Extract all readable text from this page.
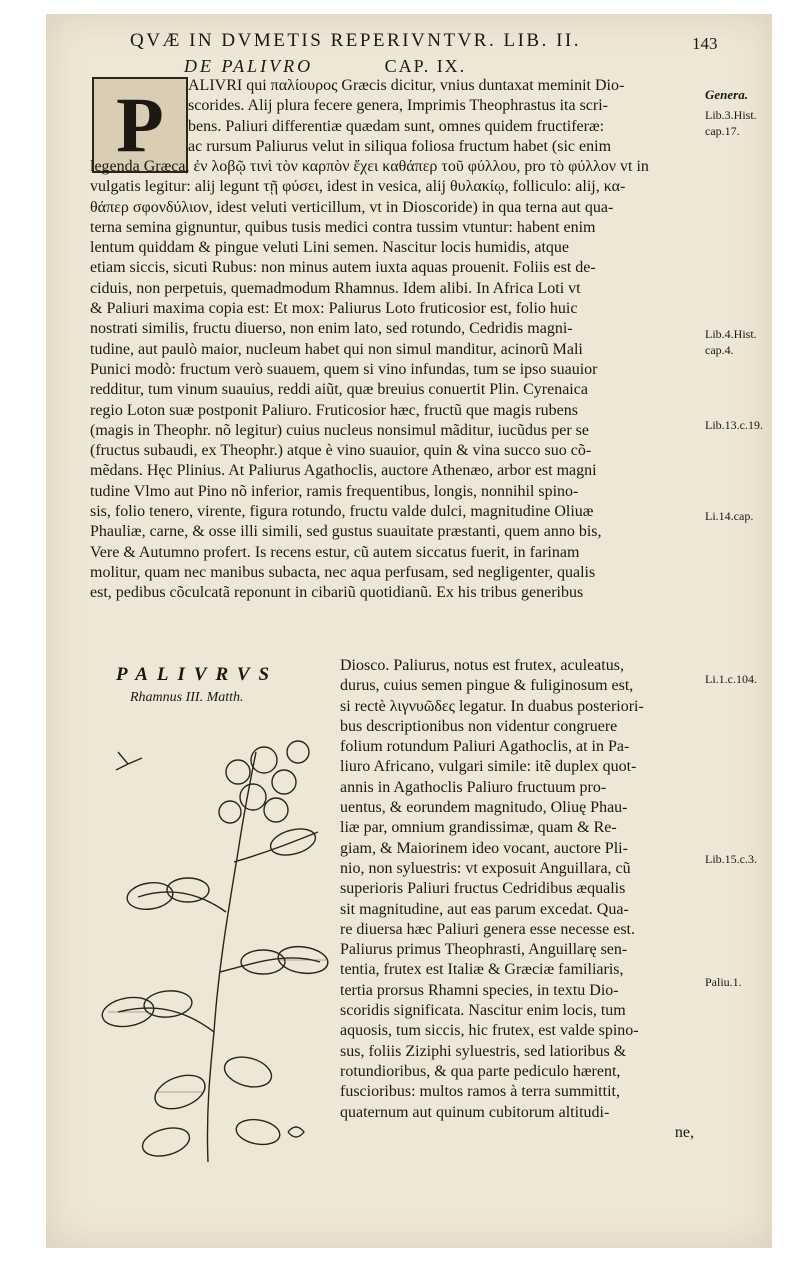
QVÆ IN DVMETIS REPERIVNTVR. LIB. II.	143
DE PALIVRO	CAP. IX.
P ALIVRI qui παλίουρος Græcis dicitur, vnius duntaxat meminit Dio-
scorides. Alij plura fecere genera, Imprimis Theophrastus ita scri-
bens. Paliuri differentiæ quædam sunt, omnes quidem fructiferæ:
ac rursum Paliurus velut in siliqua foliosa fructum habet (sic enim
legenda Græca, ἐν λοβῷ τινὶ τὸν καρπὸν ἔχει καθάπερ τοῦ φύλλου, pro τὸ φύλλον vt in
vulgatis legitur: alij legunt τῇ φύσει, idest in vesica, alij θυλακίῳ, folliculo: alij, κα-
θάπερ σφονδύλιον, idest veluti verticillum, vt in Dioscoride) in qua terna aut qua-
terna semina gignuntur, quibus tusis medici contra tussim vtuntur: habent enim
lentum quiddam & pingue veluti Lini semen. Nascitur locis humidis, atque
etiam siccis, sicuti Rubus: non minus autem iuxta aquas prouenit. Foliis est de-
ciduis, non perpetuis, quemadmodum Rhamnus. Idem alibi. In Africa Loti vt
& Paliuri maxima copia est: Et mox: Paliurus Loto fruticosior est, folio huic
nostrati similis, fructu diuerso, non enim lato, sed rotundo, Cedridis magni-
tudine, aut paulò maior, nucleum habet qui non simul manditur, acinorũ Mali
Punici modò: fructum verò suauem, quem si vino infundas, tum se ipso suauior
redditur, tum vinum suauius, reddi aiũt, quæ breuius conuertit Plin. Cyrenaica
regio Loton suæ postponit Paliuro. Fruticosior hæc, fructũ que magis rubens
(magis in Theophr. nõ legitur) cuius nucleus nonsimul mãditur, iucũdus per se
(fructus subaudi, ex Theophr.) atque è vino suauior, quin & vina succo suo cõ-
mẽdans. Hęc Plinius. At Paliurus Agathoclis, auctore Athenæo, arbor est magni
tudine Vlmo aut Pino nõ inferior, ramis frequentibus, longis, nonnihil spino-
sis, folio tenero, virente, figura rotundo, fructu valde dulci, magnitudine Oliuæ
Phauliæ, carne, & osse illi simili, sed gustus suauitate præstanti, quem anno bis,
Vere & Autumno profert. Is recens estur, cũ autem siccatus fuerit, in farinam
molitur, quam nec manibus subacta, nec aqua perfusam, sed negligenter, qualis
est, pedibus cõculcatã reponunt in cibariũ quotidianũ. Ex his tribus generibus
PALIVRVS
Rhamnus III. Matth.
Diosco. Paliurus, notus est frutex, aculeatus,
durus, cuius semen pingue & fuliginosum est,
si rectè λιγνυῶδες legatur. In duabus posteriori-
bus descriptionibus non videntur congruere
folium rotundum Paliuri Agathoclis, at in Pa-
liuro Africano, vulgari simile: itẽ duplex quot-
annis in Agathoclis Paliuro fructuum pro-
uentus, & eorundem magnitudo, Oliuę Phau-
liæ par, omnium grandissimæ, quam & Re-
giam, & Maiorinem ideo vocant, auctore Pli-
nio, non syluestris: vt exposuit Anguillara, cũ
superioris Paliuri fructus Cedridibus æqualis
sit magnitudine, aut eas parum excedat. Qua-
re diuersa hæc Paliuri genera esse necesse est.
Paliurus primus Theophrasti, Anguillarę sen-
tentia, frutex est Italiæ & Græciæ familiaris,
tertia prorsus Rhamni species, in textu Dio-
scoridis significata. Nascitur enim locis, tum
aquosis, tum siccis, hic frutex, est valde spino-
sus, foliis Ziziphi syluestris, sed latioribus &
rotundioribus, & qua parte pediculo hærent,
fuscioribus: multos ramos à terra summittit,
quaternum aut quinum cubitorum altitudi-
ne,
Genera.
Lib.3.Hist.
cap.17.
Lib.4.Hist.
cap.4.
Lib.13.c.19.
Li.14.cap.
Li.1.c.104.
Lib.15.c.3.
Paliu.1.
